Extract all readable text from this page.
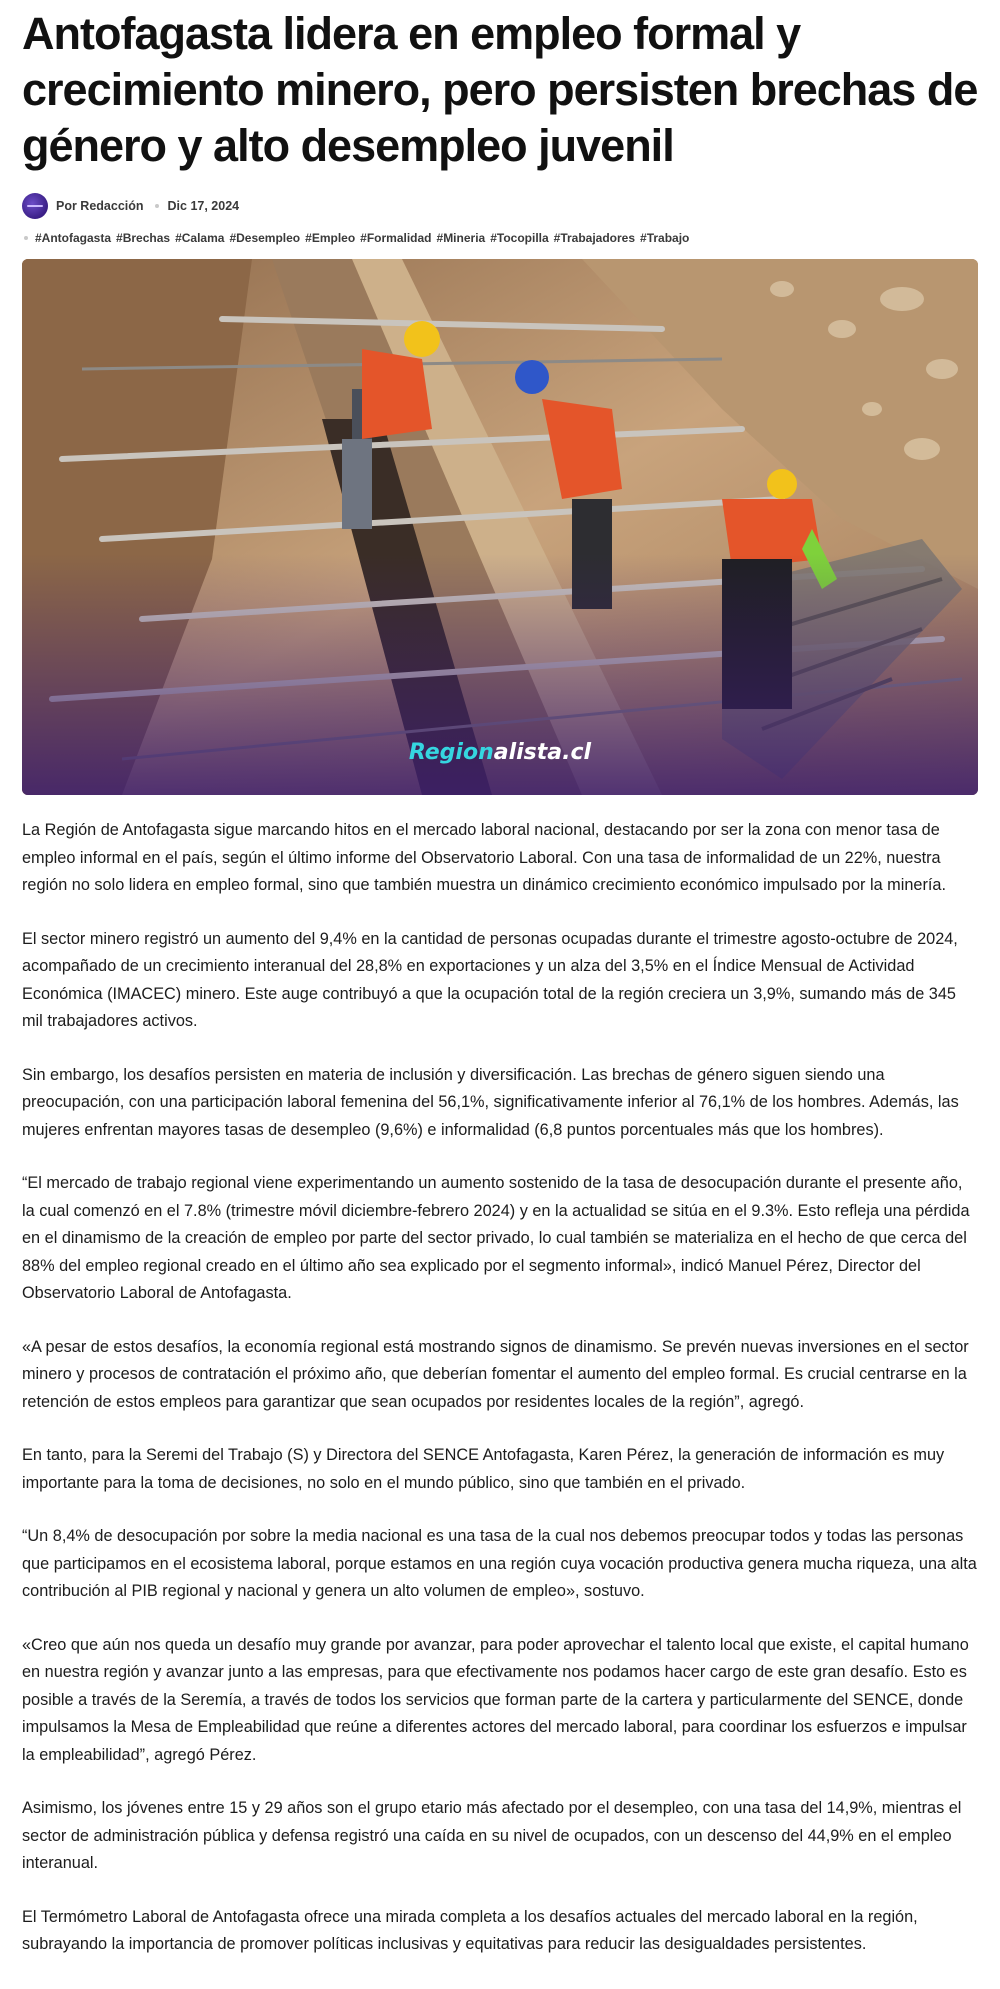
Antofagasta lidera en empleo formal y crecimiento minero, pero persisten brechas de género y alto desempleo juvenil
Por Redacción Dic 17, 2024
#Antofagasta #Brechas #Calama #Desempleo #Empleo #Formalidad #Mineria #Tocopilla #Trabajadores #Trabajo
Regionalista.cl

La Región de Antofagasta sigue marcando hitos en el mercado laboral nacional, destacando por ser la zona con menor tasa de empleo informal en el país, según el último informe del Observatorio Laboral. Con una tasa de informalidad de un 22%, nuestra región no solo lidera en empleo formal, sino que también muestra un dinámico crecimiento económico impulsado por la minería.

El sector minero registró un aumento del 9,4% en la cantidad de personas ocupadas durante el trimestre agosto-octubre de 2024, acompañado de un crecimiento interanual del 28,8% en exportaciones y un alza del 3,5% en el Índice Mensual de Actividad Económica (IMACEC) minero. Este auge contribuyó a que la ocupación total de la región creciera un 3,9%, sumando más de 345 mil trabajadores activos.

Sin embargo, los desafíos persisten en materia de inclusión y diversificación. Las brechas de género siguen siendo una preocupación, con una participación laboral femenina del 56,1%, significativamente inferior al 76,1% de los hombres. Además, las mujeres enfrentan mayores tasas de desempleo (9,6%) e informalidad (6,8 puntos porcentuales más que los hombres).

“El mercado de trabajo regional viene experimentando un aumento sostenido de la tasa de desocupación durante el presente año, la cual comenzó en el 7.8% (trimestre móvil diciembre-febrero 2024) y en la actualidad se sitúa en el 9.3%. Esto refleja una pérdida en el dinamismo de la creación de empleo por parte del sector privado, lo cual también se materializa en el hecho de que cerca del 88% del empleo regional creado en el último año sea explicado por el segmento informal», indicó Manuel Pérez, Director del Observatorio Laboral de Antofagasta.

«A pesar de estos desafíos, la economía regional está mostrando signos de dinamismo. Se prevén nuevas inversiones en el sector minero y procesos de contratación el próximo año, que deberían fomentar el aumento del empleo formal. Es crucial centrarse en la retención de estos empleos para garantizar que sean ocupados por residentes locales de la región”, agregó.

En tanto, para la Seremi del Trabajo (S) y Directora del SENCE Antofagasta, Karen Pérez, la generación de información es muy importante para la toma de decisiones, no solo en el mundo público, sino que también en el privado.

“Un 8,4% de desocupación por sobre la media nacional es una tasa de la cual nos debemos preocupar todos y todas las personas que participamos en el ecosistema laboral, porque estamos en una región cuya vocación productiva genera mucha riqueza, una alta contribución al PIB regional y nacional y genera un alto volumen de empleo», sostuvo.

«Creo que aún nos queda un desafío muy grande por avanzar, para poder aprovechar el talento local que existe, el capital humano en nuestra región y avanzar junto a las empresas, para que efectivamente nos podamos hacer cargo de este gran desafío. Esto es posible a través de la Seremía, a través de todos los servicios que forman parte de la cartera y particularmente del SENCE, donde impulsamos la Mesa de Empleabilidad que reúne a diferentes actores del mercado laboral, para coordinar los esfuerzos e impulsar la empleabilidad”, agregó Pérez.

Asimismo, los jóvenes entre 15 y 29 años son el grupo etario más afectado por el desempleo, con una tasa del 14,9%, mientras el sector de administración pública y defensa registró una caída en su nivel de ocupados, con un descenso del 44,9% en el empleo interanual.

El Termómetro Laboral de Antofagasta ofrece una mirada completa a los desafíos actuales del mercado laboral en la región, subrayando la importancia de promover políticas inclusivas y equitativas para reducir las desigualdades persistentes.
